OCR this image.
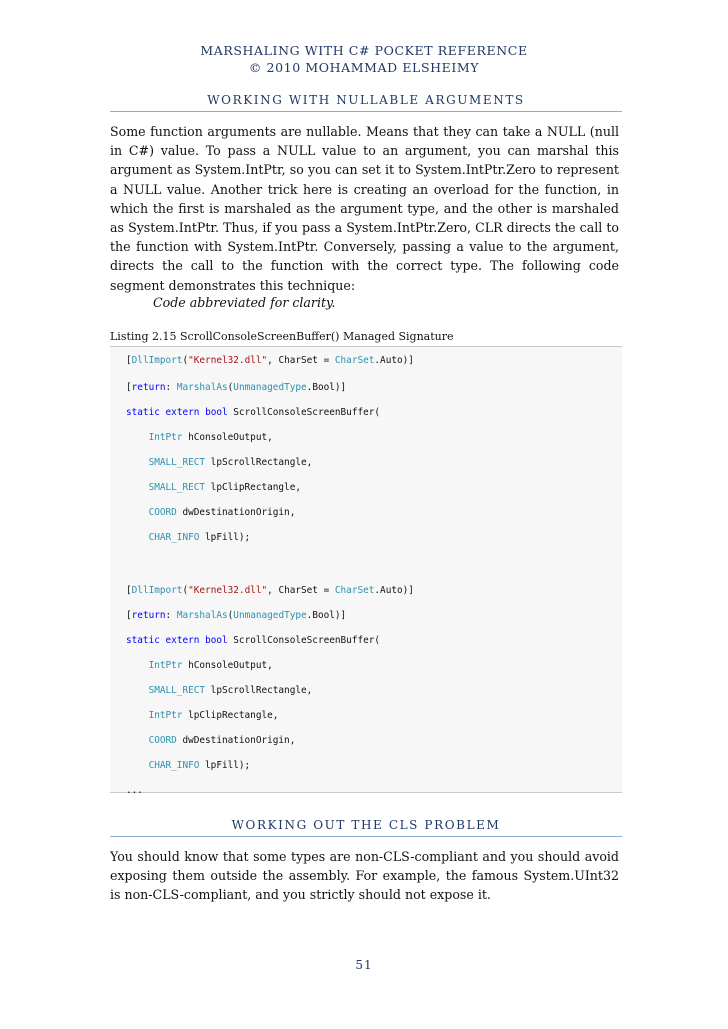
MARSHALING WITH C# POCKET REFERENCE
© 2010 MOHAMMAD ELSHEIMY
WORKING WITH NULLABLE ARGUMENTS

Some function arguments are nullable. Means that they can take a NULL (null in C#) value. To pass a NULL value to an argument, you can marshal this argument as System.IntPtr, so you can set it to System.IntPtr.Zero to represent a NULL value. Another trick here is creating an overload for the function, in which the first is marshaled as the argument type, and the other is marshaled as System.IntPtr. Thus, if you pass a System.IntPtr.Zero, CLR directs the call to the function with System.IntPtr. Conversely, passing a value to the argument, directs the call to the function with the correct type. The following code segment demonstrates this technique:

Code abbreviated for clarity.

Listing 2.15 ScrollConsoleScreenBuffer() Managed Signature

[DllImport("Kernel32.dll", CharSet = CharSet.Auto)]
[return: MarshalAs(UnmanagedType.Bool)]
static extern bool ScrollConsoleScreenBuffer(
IntPtr hConsoleOutput,
SMALL_RECT lpScrollRectangle,
SMALL_RECT lpClipRectangle,
COORD dwDestinationOrigin,
CHAR_INFO lpFill);
[DllImport("Kernel32.dll", CharSet = CharSet.Auto)]
[return: MarshalAs(UnmanagedType.Bool)]
static extern bool ScrollConsoleScreenBuffer(
IntPtr hConsoleOutput,
SMALL_RECT lpScrollRectangle,
IntPtr lpClipRectangle,
COORD dwDestinationOrigin,
CHAR_INFO lpFill);
...
WORKING OUT THE CLS PROBLEM

You should know that some types are non-CLS-compliant and you should avoid exposing them outside the assembly. For example, the famous System.UInt32 is non-CLS-compliant, and you strictly should not expose it.

51
